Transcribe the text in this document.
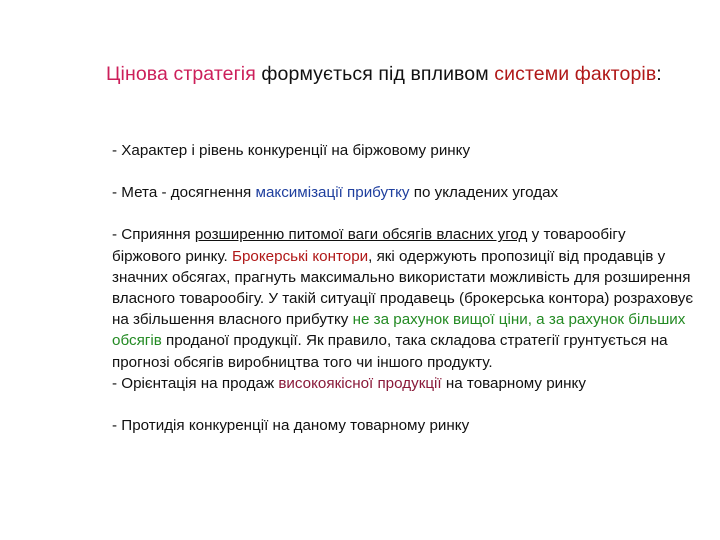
Цінова стратегія формується під впливом системи факторів:

- Характер і рівень конкуренції на біржовому ринку

- Мета - досягнення максимізації прибутку по укладених угодах

- Сприяння розширенню питомої ваги обсягів власних угод у товарообігу біржового ринку. Брокерські контори, які одержують пропозиції від продавців у значних обсягах, прагнуть максимально використати можливість для розширення власного товарообігу. У такій ситуації продавець (брокерська контора) розраховує на збільшення власного прибутку не за рахунок вищої ціни, а за рахунок більших обсягів проданої продукції. Як правило, така складова стратегії грунтується на прогнозі обсягів виробництва того чи іншого продукту.

- Орієнтація на продаж високоякісної продукції на товарному ринку

- Протидія конкуренції на даному товарному ринку
